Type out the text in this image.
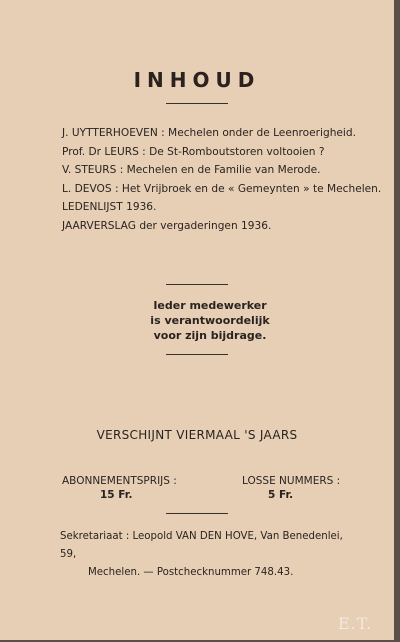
INHOUD
J. UYTTERHOEVEN : Mechelen onder de Leenroerigheid.
Prof. Dr LEURS : De St-Romboutstoren voltooien ?
V. STEURS : Mechelen en de Familie van Merode.
L. DEVOS : Het Vrijbroek en de « Gemeynten » te Mechelen.
LEDENLIJST 1936.
JAARVERSLAG der vergaderingen 1936.
Ieder medewerker
is verantwoordelijk
voor zijn bijdrage.
VERSCHIJNT VIERMAAL 'S JAARS
ABONNEMENTSPRIJS :
15 Fr.
LOSSE NUMMERS :
5 Fr.
Sekretariaat : Leopold VAN DEN HOVE, Van Benedenlei, 59,
Mechelen. — Postchecknummer 748.43.
E.T.
